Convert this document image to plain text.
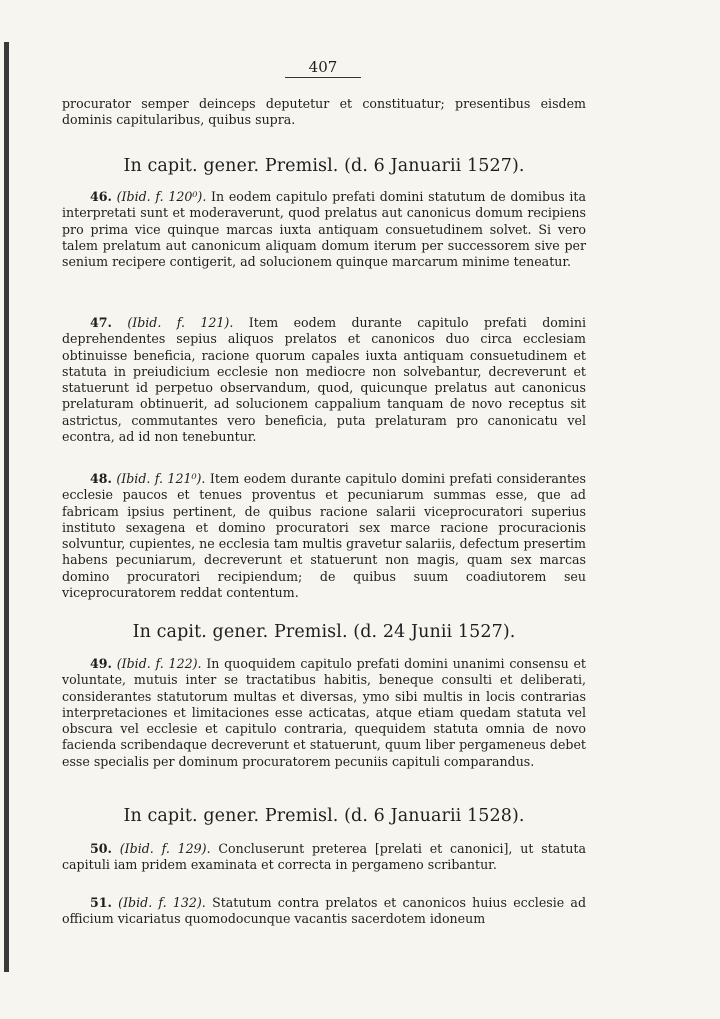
407

procurator semper deinceps deputetur et constituatur; presentibus eisdem dominis capitularibus, quibus supra.

In capit. gener. Premisl. (d. 6 Januarii 1527).

46. (Ibid. f. 120⁰). In eodem capitulo prefati domini statutum de domibus ita interpretati sunt et moderaverunt, quod prelatus aut canonicus domum recipiens pro prima vice quinque marcas iuxta antiquam consuetudinem solvet. Si vero talem prelatum aut canonicum aliquam domum iterum per successorem sive per senium recipere contigerit, ad solucionem quinque marcarum minime teneatur.

47. (Ibid. f. 121). Item eodem durante capitulo prefati domini deprehendentes sepius aliquos prelatos et canonicos duo circa ecclesiam obtinuisse beneficia, racione quorum capales iuxta antiquam consuetudinem et statuta in preiudicium ecclesie non mediocre non solvebantur, decreverunt et statuerunt id perpetuo observandum, quod, quicunque prelatus aut canonicus prelaturam obtinuerit, ad solucionem cappalium tanquam de novo receptus sit astrictus, commutantes vero beneficia, puta prelaturam pro canonicatu vel econtra, ad id non tenebuntur.

48. (Ibid. f. 121⁰). Item eodem durante capitulo domini prefati considerantes ecclesie paucos et tenues proventus et pecuniarum summas esse, que ad fabricam ipsius pertinent, de quibus racione salarii viceprocuratori superius instituto sexagena et domino procuratori sex marce racione procuracionis solvuntur, cupientes, ne ecclesia tam multis gravetur salariis, defectum presertim habens pecuniarum, decreverunt et statuerunt non magis, quam sex marcas domino procuratori recipiendum; de quibus suum coadiutorem seu viceprocuratorem reddat contentum.

In capit. gener. Premisl. (d. 24 Junii 1527).

49. (Ibid. f. 122). In quoquidem capitulo prefati domini unanimi consensu et voluntate, mutuis inter se tractatibus habitis, beneque consulti et deliberati, considerantes statutorum multas et diversas, ymo sibi multis in locis contrarias interpretaciones et limitaciones esse acticatas, atque etiam quedam statuta vel obscura vel ecclesie et capitulo contraria, quequidem statuta omnia de novo facienda scribendaque decreverunt et statuerunt, quum liber pergameneus debet esse specialis per dominum procuratorem pecuniis capituli comparandus.

In capit. gener. Premisl. (d. 6 Januarii 1528).

50. (Ibid. f. 129). Concluserunt preterea [prelati et canonici], ut statuta capituli iam pridem examinata et correcta in pergameno scribantur.

51. (Ibid. f. 132). Statutum contra prelatos et canonicos huius ecclesie ad officium vicariatus quomodocunque vacantis sacerdotem idoneum
